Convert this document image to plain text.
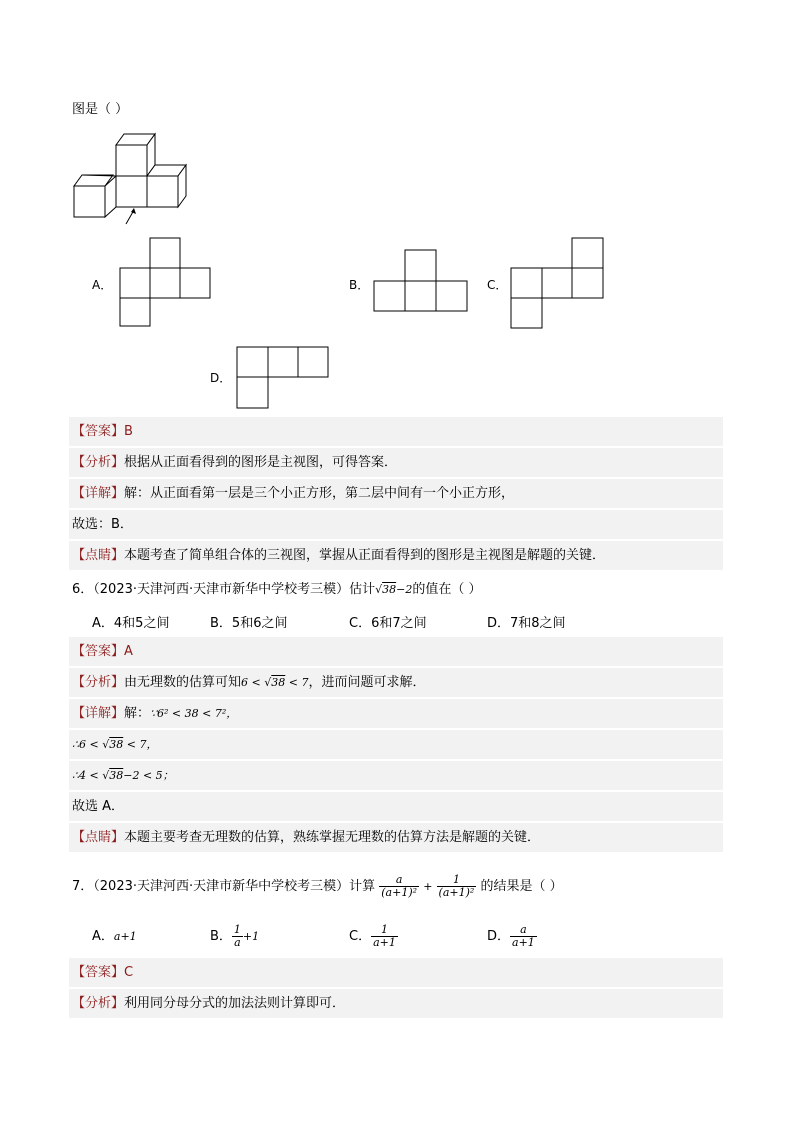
图是（ ）
A．	B．	C．
D．
【答案】B
【分析】根据从正面看得到的图形是主视图，可得答案．
【详解】解：从正面看第一层是三个小正方形，第二层中间有一个小正方形，
故选：B．
【点睛】本题考查了简单组合体的三视图，掌握从正面看得到的图形是主视图是解题的关键．
6．（2023·天津河西·天津市新华中学校考三模）估计√38−2的值在（ ）
A．4和5之间	B．5和6之间	C．6和7之间	D．7和8之间
【答案】A
【分析】由无理数的估算可知6 < √38 < 7，进而问题可求解．
【详解】解：∵6² < 38 < 7²，
∴6 < √38 < 7，
∴4 < √38−2 < 5；
故选 A．
【点睛】本题主要考查无理数的估算，熟练掌握无理数的估算方法是解题的关键．
7．（2023·天津河西·天津市新华中学校考三模）计算 $\frac{a}{\text{(a+1)²}} + \frac{1}{\text{(a+1)²}}$ 的结果是（ ）
A．a+1	B． $\frac{1}{a} +1$	C． $\frac{1}{a+1}$	D． $\frac{a}{a+1}$
【答案】C
【分析】利用同分母分式的加法法则计算即可．
